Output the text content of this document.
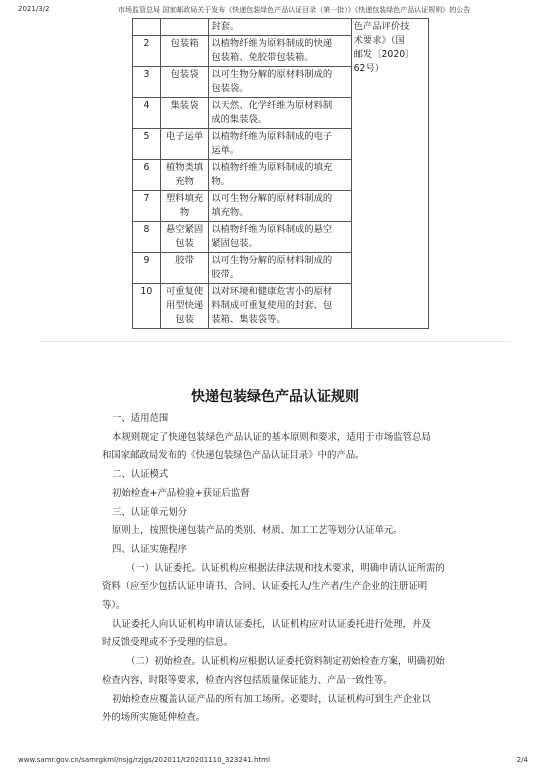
2021/3/2	市场监管总局 国家邮政局关于发布《快递包装绿色产品认证目录（第一批）》《快递包装绿色产品认证规则》的公告
		封套。	色产品评价技
术要求》（国
邮发〔2020〕
62号）
2	包装箱	以植物纤维为原料制成的快递
包装箱、免胶带包装箱。	
3	包装袋	以可生物分解的原材料制成的
包装袋。	
4	集装袋	以天然、化学纤维为原材料制
成的集装袋。	
5	电子运单	以植物纤维为原料制成的电子
运单。	
6	植物类填
充物	以植物纤维为原料制成的填充
物。	
7	塑料填充
物	以可生物分解的原材料制成的
填充物。	
8	悬空紧固
包装	以植物纤维为原料制成的悬空
紧固包装。	
9	胶带	以可生物分解的原材料制成的
胶带。	
10	可重复使
用型快递
包装	以对环境和健康危害小的原材
料制成可重复使用的封套、包
装箱、集装袋等。	
快递包装绿色产品认证规则

一、适用范围

本规则规定了快递包装绿色产品认证的基本原则和要求，适用于市场监管总局

和国家邮政局发布的《快递包装绿色产品认证目录》中的产品。

二、认证模式

初始检查+产品检验+获证后监督

三、认证单元划分

原则上，按照快递包装产品的类别、材质、加工工艺等划分认证单元。

四、认证实施程序

（一）认证委托。认证机构应根据法律法规和技术要求，明确申请认证所需的

资料（应至少包括认证申请书、合同、认证委托人/生产者/生产企业的注册证明

等）。

认证委托人向认证机构申请认证委托，认证机构应对认证委托进行处理，并及

时反馈受理或不予受理的信息。

（二）初始检查。认证机构应根据认证委托资料制定初始检查方案，明确初始

检查内容、时限等要求，检查内容包括质量保证能力、产品一致性等。

初始检查应覆盖认证产品的所有加工场所。必要时，认证机构可到生产企业以

外的场所实施延伸检查。

www.samr.gov.cn/samrgkml/nsjg/rzjgs/202011/t20201110_323241.html	2/4
